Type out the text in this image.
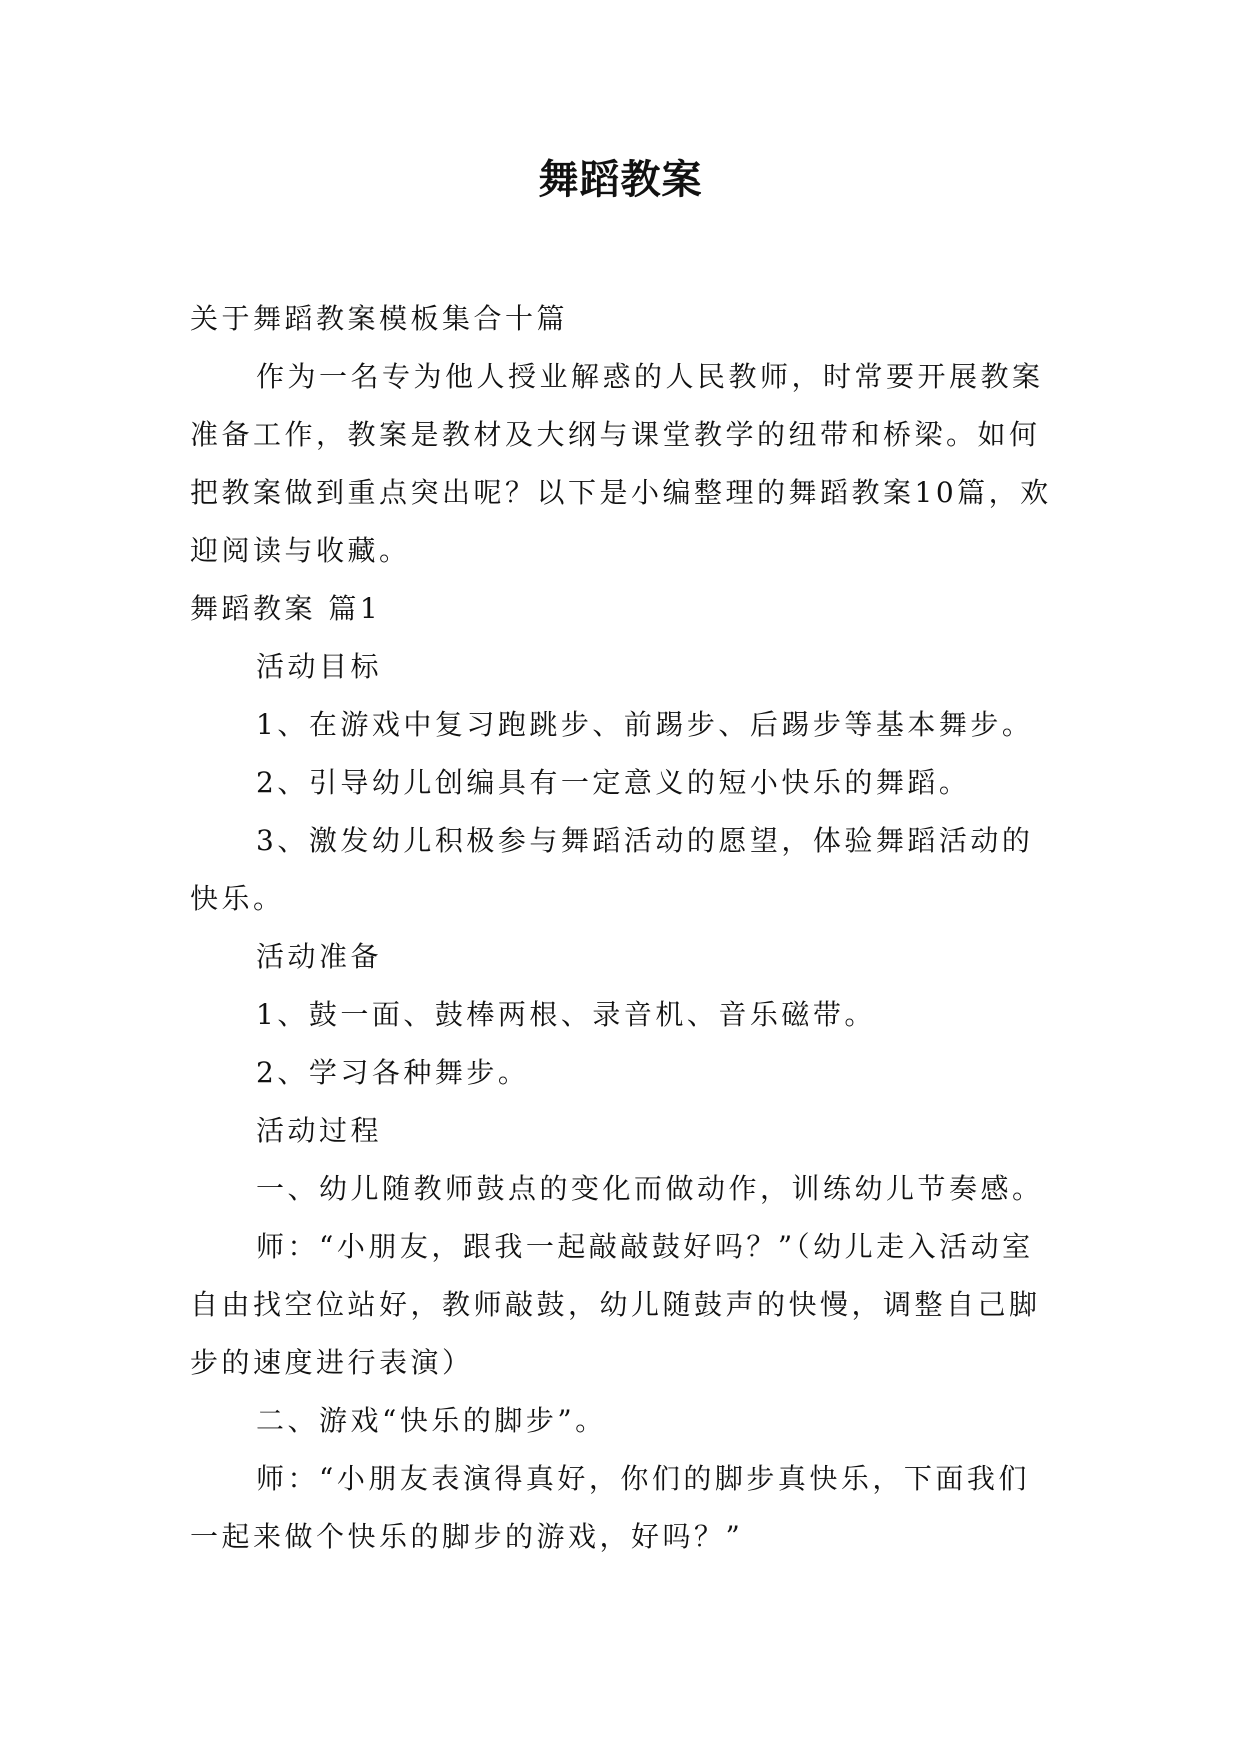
舞蹈教案

关于舞蹈教案模板集合十篇

作为一名专为他人授业解惑的人民教师，时常要开展教案准备工作，教案是教材及大纲与课堂教学的纽带和桥梁。如何把教案做到重点突出呢？以下是小编整理的舞蹈教案10篇，欢迎阅读与收藏。

舞蹈教案 篇1

活动目标

1、在游戏中复习跑跳步、前踢步、后踢步等基本舞步。

2、引导幼儿创编具有一定意义的短小快乐的舞蹈。

3、激发幼儿积极参与舞蹈活动的愿望，体验舞蹈活动的快乐。

活动准备

1、鼓一面、鼓棒两根、录音机、音乐磁带。

2、学习各种舞步。

活动过程

一、幼儿随教师鼓点的变化而做动作，训练幼儿节奏感。

师：“小朋友，跟我一起敲敲鼓好吗？”（幼儿走入活动室自由找空位站好，教师敲鼓，幼儿随鼓声的快慢，调整自己脚步的速度进行表演）

二、游戏“快乐的脚步”。

师：“小朋友表演得真好，你们的脚步真快乐，下面我们一起来做个快乐的脚步的游戏，好吗？”
